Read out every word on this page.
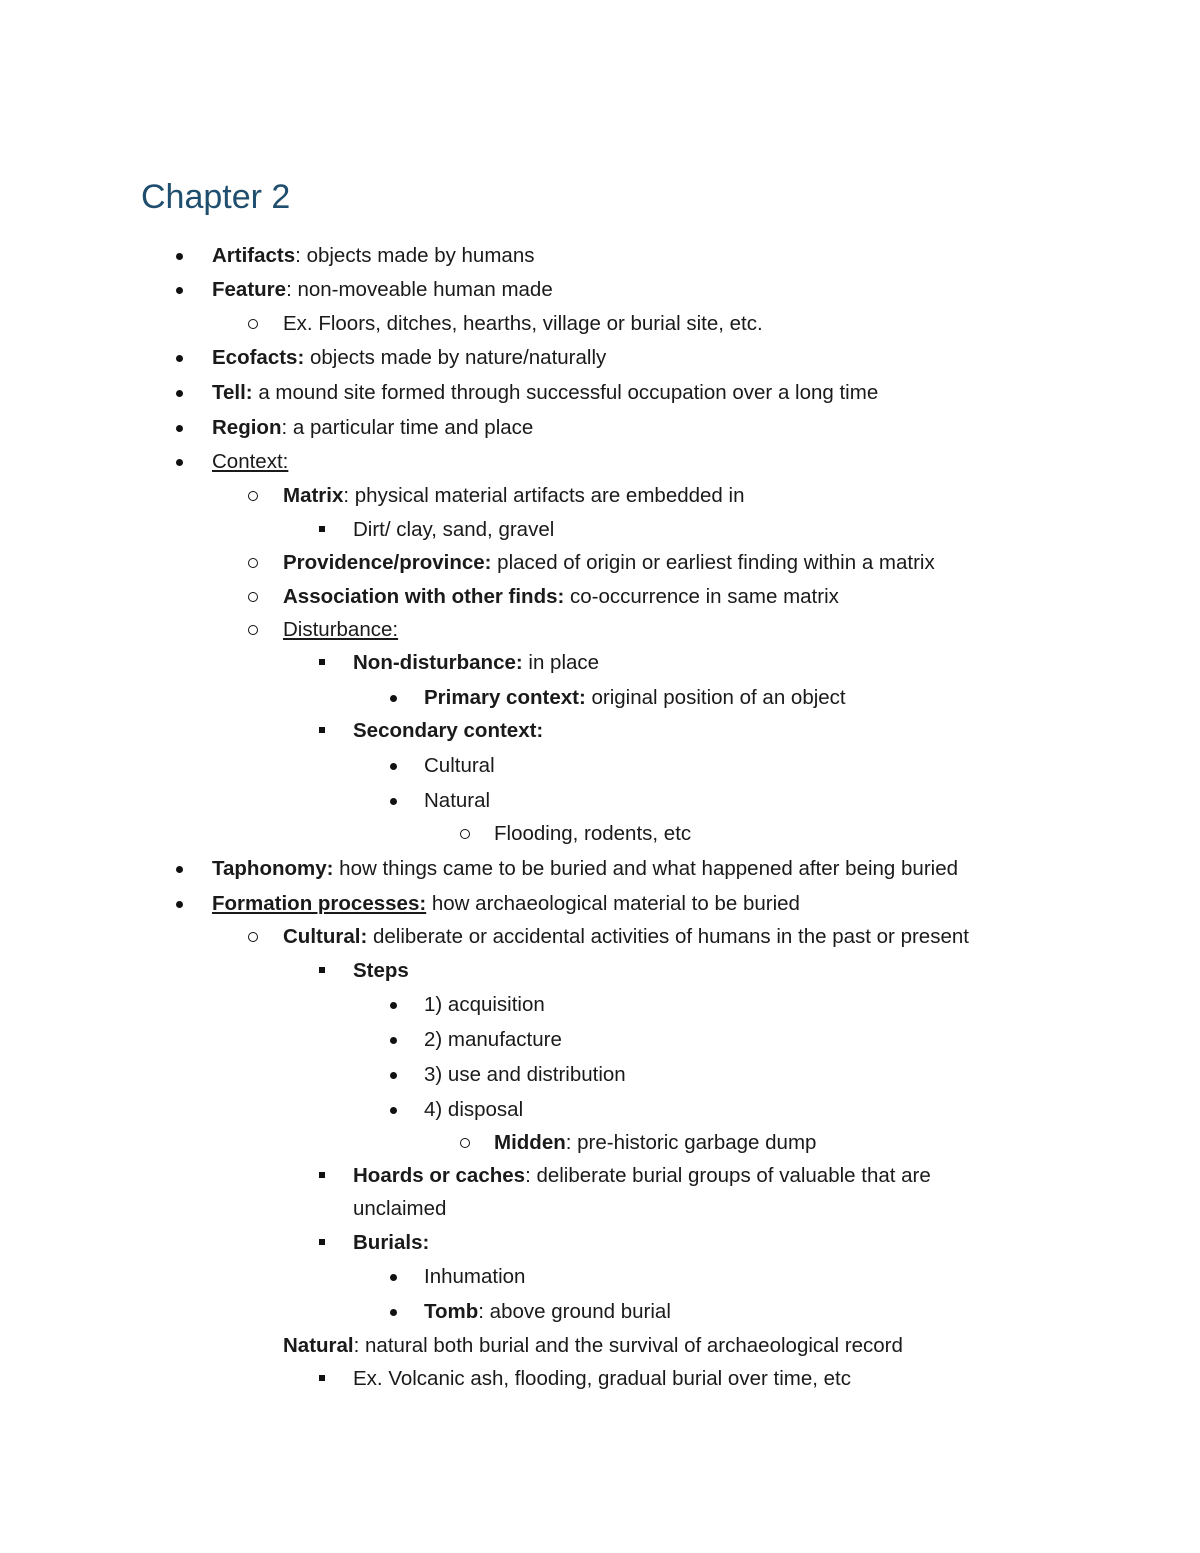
Chapter 2
Artifacts: objects made by humans
Feature: non-moveable human made
Ex. Floors, ditches, hearths, village or burial site, etc.
Ecofacts: objects made by nature/naturally
Tell: a mound site formed through successful occupation over a long time
Region: a particular time and place
Context:
Matrix: physical material artifacts are embedded in
Dirt/ clay, sand, gravel
Providence/province: placed of origin or earliest finding within a matrix
Association with other finds: co-occurrence in same matrix
Disturbance:
Non-disturbance: in place
Primary context: original position of an object
Secondary context:
Cultural
Natural
Flooding, rodents, etc
Taphonomy: how things came to be buried and what happened after being buried
Formation processes: how archaeological material to be buried
Cultural: deliberate or accidental activities of humans in the past or present
Steps
1) acquisition
2) manufacture
3) use and distribution
4) disposal
Midden: pre-historic garbage dump
Hoards or caches: deliberate burial groups of valuable that are
unclaimed
Burials:
Inhumation
Tomb: above ground burial
Natural: natural both burial and the survival of archaeological record
Ex. Volcanic ash, flooding, gradual burial over time, etc
